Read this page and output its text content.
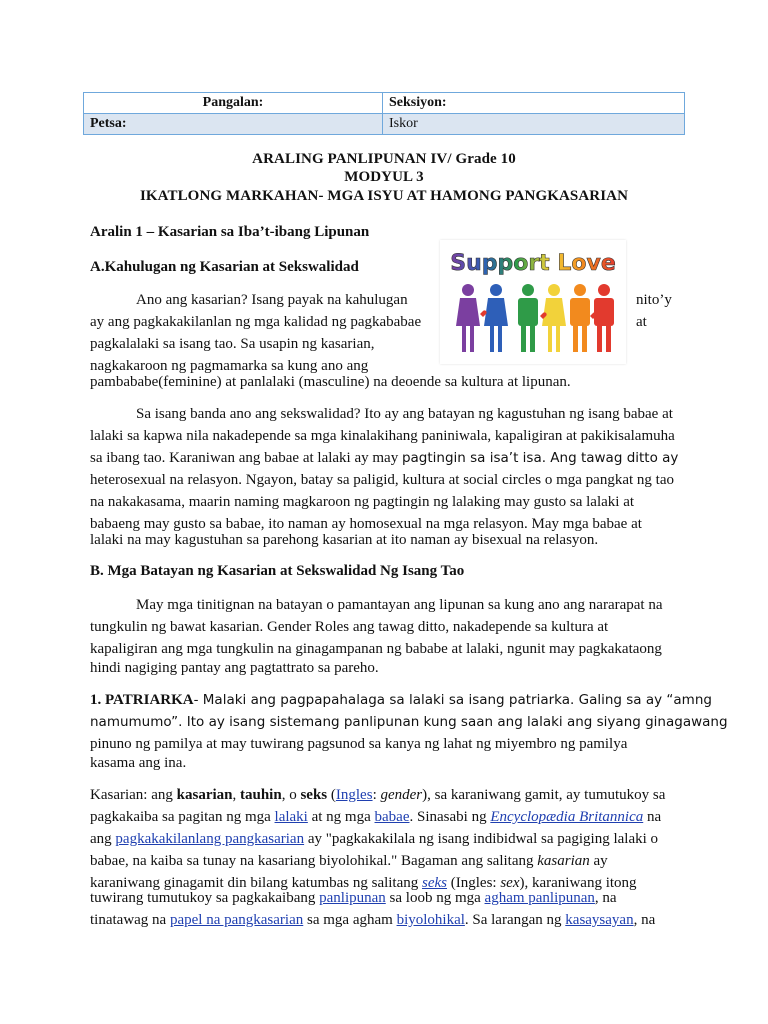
Pangalan:	Seksiyon:
Petsa:	Iskor
ARALING PANLIPUNAN IV/ Grade 10
MODYUL 3
IKATLONG MARKAHAN- MGA ISYU AT HAMONG PANGKASARIAN
Aralin 1 – Kasarian sa Iba’t-ibang Lipunan
A.Kahulugan ng Kasarian at Sekswalidad
Ano ang kasarian? Isang payak na kahulugan	nito’y
ay ang pagkakakilanlan ng mga kalidad ng pagkababae	at
pagkalalaki sa isang tao. Sa usapin ng kasarian,
nagkakaroon ng pagmamarka sa kung ano ang
pambababe(feminine) at panlalaki (masculine) na deoende sa kultura at lipunan.
Support Love
Sa isang banda ano ang sekswalidad? Ito ay ang batayan ng kagustuhan ng isang babae at
lalaki sa kapwa nila nakadepende sa mga kinalakihang paniniwala, kapaligiran at pakikisalamuha
sa ibang tao. Karaniwan ang babae at lalaki ay may pagtingin sa isa’t isa. Ang tawag ditto ay
heterosexual na relasyon. Ngayon, batay sa paligid, kultura at social circles o mga pangkat ng tao
na nakakasama, maarin naming magkaroon ng pagtingin ng lalaking may gusto sa lalaki at
babaeng may gusto sa babae, ito naman ay homosexual na mga relasyon. May mga babae at
lalaki na may kagustuhan sa parehong kasarian at ito naman ay bisexual na relasyon.
B. Mga Batayan ng Kasarian at Sekswalidad Ng Isang Tao
May mga tinitignan na batayan o pamantayan ang lipunan sa kung ano ang nararapat na
tungkulin ng bawat kasarian. Gender Roles ang tawag ditto, nakadepende sa kultura at
kapaligiran ang mga tungkulin na ginagampanan ng bababe at lalaki, ngunit may pagkakataong
hindi nagiging pantay ang pagtattrato sa pareho.
1. PATRIARKA- Malaki ang pagpapahalaga sa lalaki sa isang patriarka. Galing sa ay “amng
namumumo”. Ito ay isang sistemang panlipunan kung saan ang lalaki ang siyang ginagawang
pinuno ng pamilya at may tuwirang pagsunod sa kanya ng lahat ng miyembro ng pamilya
kasama ang ina.
Kasarian: ang kasarian, tauhin, o seks (Ingles: gender), sa karaniwang gamit, ay tumutukoy sa
pagkakaiba sa pagitan ng mga lalaki at ng mga babae. Sinasabi ng Encyclopædia Britannica na
ang pagkakakilanlang pangkasarian ay "pagkakakilala ng isang indibidwal sa pagiging lalaki o
babae, na kaiba sa tunay na kasariang biyolohikal." Bagaman ang salitang kasarian ay
karaniwang ginagamit din bilang katumbas ng salitang seks (Ingles: sex), karaniwang itong
tuwirang tumutukoy sa pagkakaibang panlipunan sa loob ng mga agham panlipunan, na
tinatawag na papel na pangkasarian sa mga agham biyolohikal. Sa larangan ng kasaysayan, na
